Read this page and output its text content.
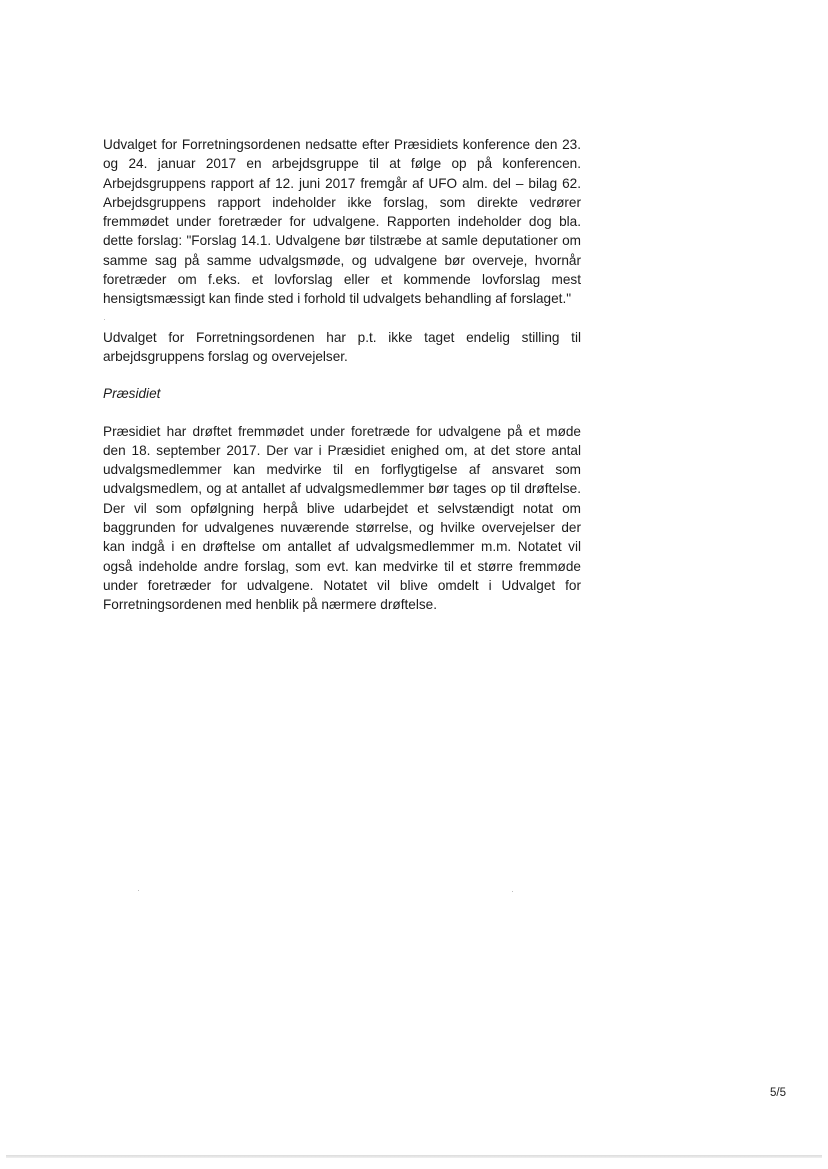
Udvalget for Forretningsordenen nedsatte efter Præsidiets konference den 23. og 24. januar 2017 en arbejdsgruppe til at følge op på konferencen. Arbejdsgruppens rapport af 12. juni 2017 fremgår af UFO alm. del – bilag 62. Arbejdsgruppens rapport indeholder ikke forslag, som direkte vedrører fremmødet under foretræder for udvalgene. Rapporten indeholder dog bla. dette forslag: "Forslag 14.1. Udvalgene bør tilstræbe at samle deputationer om samme sag på samme udvalgsmøde, og udvalgene bør overveje, hvornår foretræder om f.eks. et lovforslag eller et kommende lovforslag mest hensigtsmæssigt kan finde sted i forhold til udvalgets behandling af forslaget."

Udvalget for Forretningsordenen har p.t. ikke taget endelig stilling til arbejdsgruppens forslag og overvejelser.

Præsidiet

Præsidiet har drøftet fremmødet under foretræde for udvalgene på et møde den 18. september 2017. Der var i Præsidiet enighed om, at det store antal udvalgsmedlemmer kan medvirke til en forflygtigelse af ansvaret som udvalgsmedlem, og at antallet af udvalgsmedlemmer bør tages op til drøftelse. Der vil som opfølgning herpå blive udarbejdet et selvstændigt notat om baggrunden for udvalgenes nuværende størrelse, og hvilke overvejelser der kan indgå i en drøftelse om antallet af udvalgsmedlemmer m.m. Notatet vil også indeholde andre forslag, som evt. kan medvirke til et større fremmøde under foretræder for udvalgene. Notatet vil blive omdelt i Udvalget for Forretningsordenen med henblik på nærmere drøftelse.

5/5
